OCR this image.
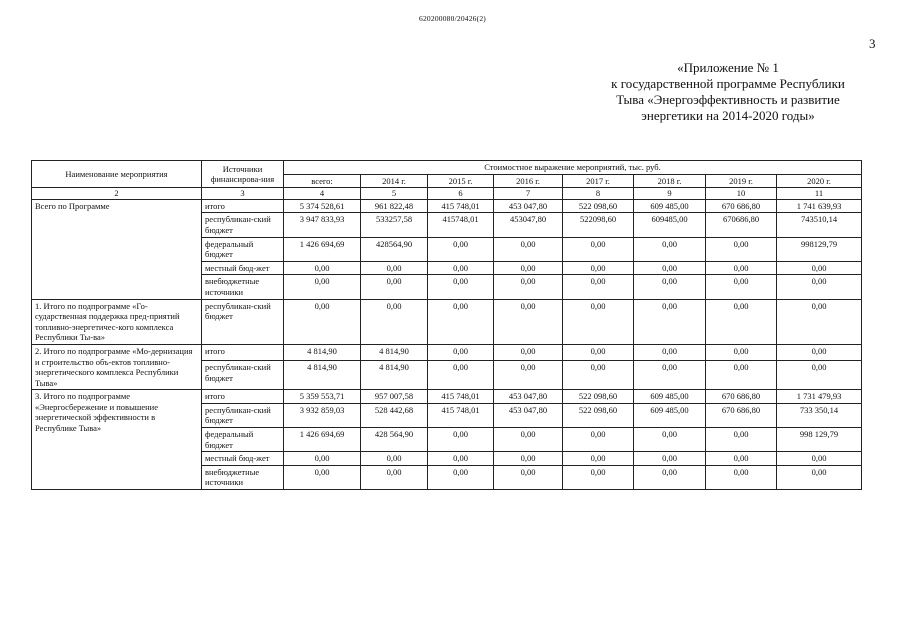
620200080/20426(2)
3
«Приложение № 1
к государственной программе Республики
Тыва «Энергоэффективность и развитие
энергетики на 2014-2020 годы»
Наименование мероприятия	Источники финансирова-ния	Стоимостное выражение мероприятий, тыс. руб.							
		всего:	2014 г.	2015 г.	2016 г.	2017 г.	2018 г.	2019 г.	2020 г.
2	3	4	5	6	7	8	9	10	11
Всего по Программе	итого	5 374 528,61	961 822,48	415 748,01	453 047,80	522 098,60	609 485,00	670 686,80	1 741 639,93
	республикан-ский бюджет	3 947 833,93	533257,58	415748,01	453047,80	522098,60	609485,00	670686,80	743510,14
	федеральный бюджет	1 426 694,69	428564,90	0,00	0,00	0,00	0,00	0,00	998129,79
	местный бюд-жет	0,00	0,00	0,00	0,00	0,00	0,00	0,00	0,00
	внебюджетные источники	0,00	0,00	0,00	0,00	0,00	0,00	0,00	0,00
1. Итого по подпрограмме «Го-сударственная поддержка пред-приятий топливно-энергетичес-кого комплекса Республики Ты-ва»	республикан-ский бюджет	0,00	0,00	0,00	0,00	0,00	0,00	0,00	0,00
2. Итого по подпрограмме «Мо-дернизация и строительство объ-ектов топливно-энергетического комплекса Республики Тыва»	итого	4 814,90	4 814,90	0,00	0,00	0,00	0,00	0,00	0,00
	республикан-ский бюджет	4 814,90	4 814,90	0,00	0,00	0,00	0,00	0,00	0,00
3. Итого по подпрограмме «Энергосбережение и повышение энергетической эффективности в Республике Тыва»	итого	5 359 553,71	957 007,58	415 748,01	453 047,80	522 098,60	609 485,00	670 686,80	1 731 479,93
	республикан-ский бюджет	3 932 859,03	528 442,68	415 748,01	453 047,80	522 098,60	609 485,00	670 686,80	733 350,14
	федеральный бюджет	1 426 694,69	428 564,90	0,00	0,00	0,00	0,00	0,00	998 129,79
	местный бюд-жет	0,00	0,00	0,00	0,00	0,00	0,00	0,00	0,00
	внебюджетные источники	0,00	0,00	0,00	0,00	0,00	0,00	0,00	0,00
